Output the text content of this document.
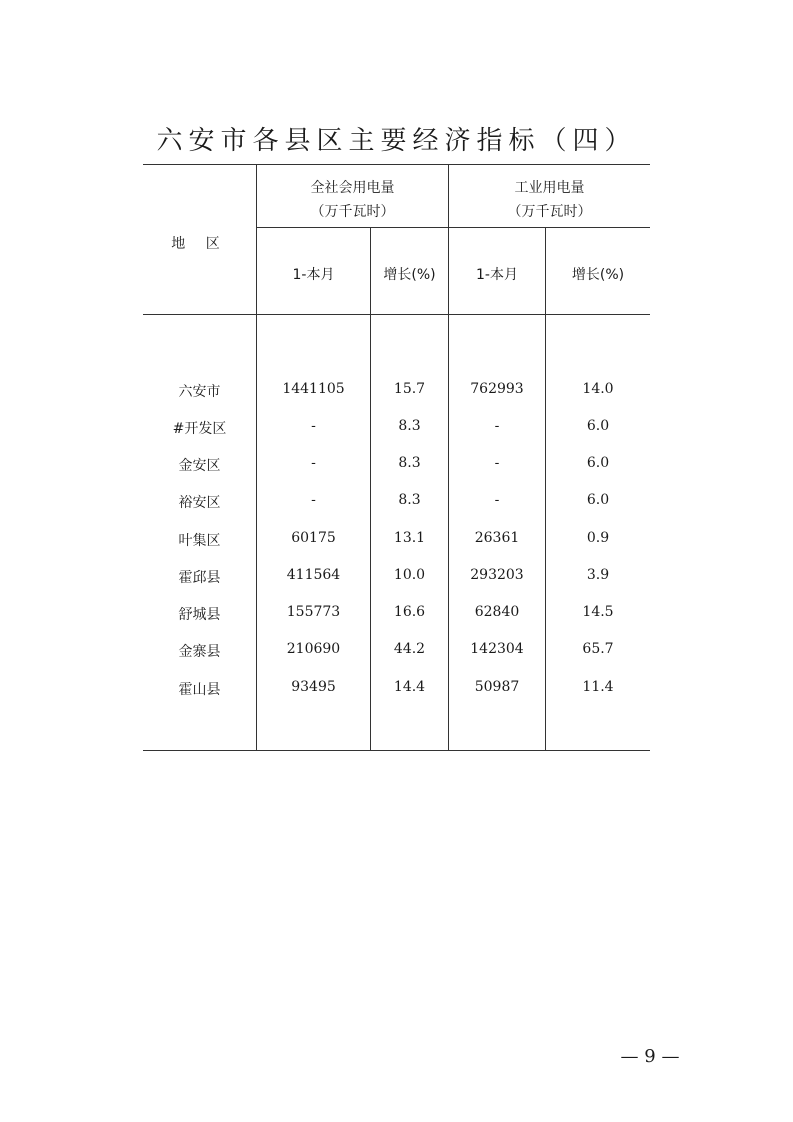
六安市各县区主要经济指标（四）
地 区
全社会用电量
（万千瓦时）
工业用电量
（万千瓦时）
1-本月	增长(%)	1-本月	增长(%)
六安市	1441105	15.7	762993	14.0
#开发区	-	8.3	-	6.0
金安区	-	8.3	-	6.0
裕安区	-	8.3	-	6.0
叶集区	60175	13.1	26361	0.9
霍邱县	411564	10.0	293203	3.9
舒城县	155773	16.6	62840	14.5
金寨县	210690	44.2	142304	65.7
霍山县	93495	14.4	50987	11.4
— 9 —
